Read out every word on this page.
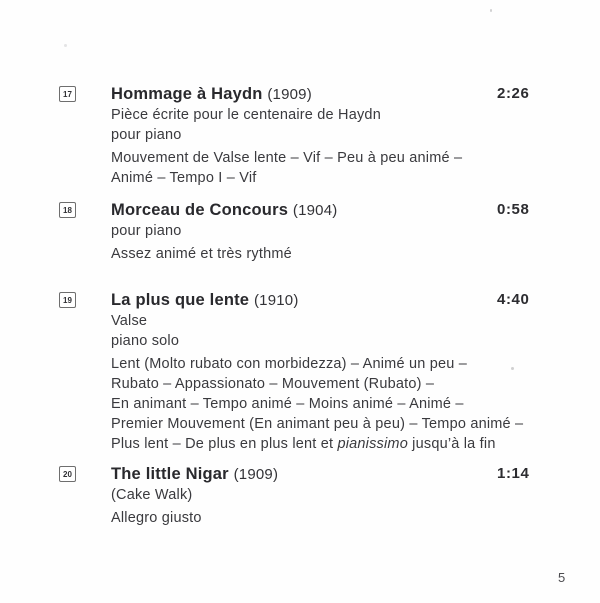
17 Hommage à Haydn (1909)	2:26
Pièce écrite pour le centenaire de Haydn
pour piano
Mouvement de Valse lente – Vif – Peu à peu animé –
Animé – Tempo I – Vif
18 Morceau de Concours (1904)	0:58
pour piano
Assez animé et très rythmé
19 La plus que lente (1910)	4:40
Valse
piano solo
Lent (Molto rubato con morbidezza) – Animé un peu –
Rubato – Appassionato – Mouvement (Rubato) –
En animant – Tempo animé – Moins animé – Animé –
Premier Mouvement (En animant peu à peu) – Tempo animé –
Plus lent – De plus en plus lent et pianissimo jusqu’à la fin
20 The little Nigar (1909)	1:14
(Cake Walk)
Allegro giusto
5
